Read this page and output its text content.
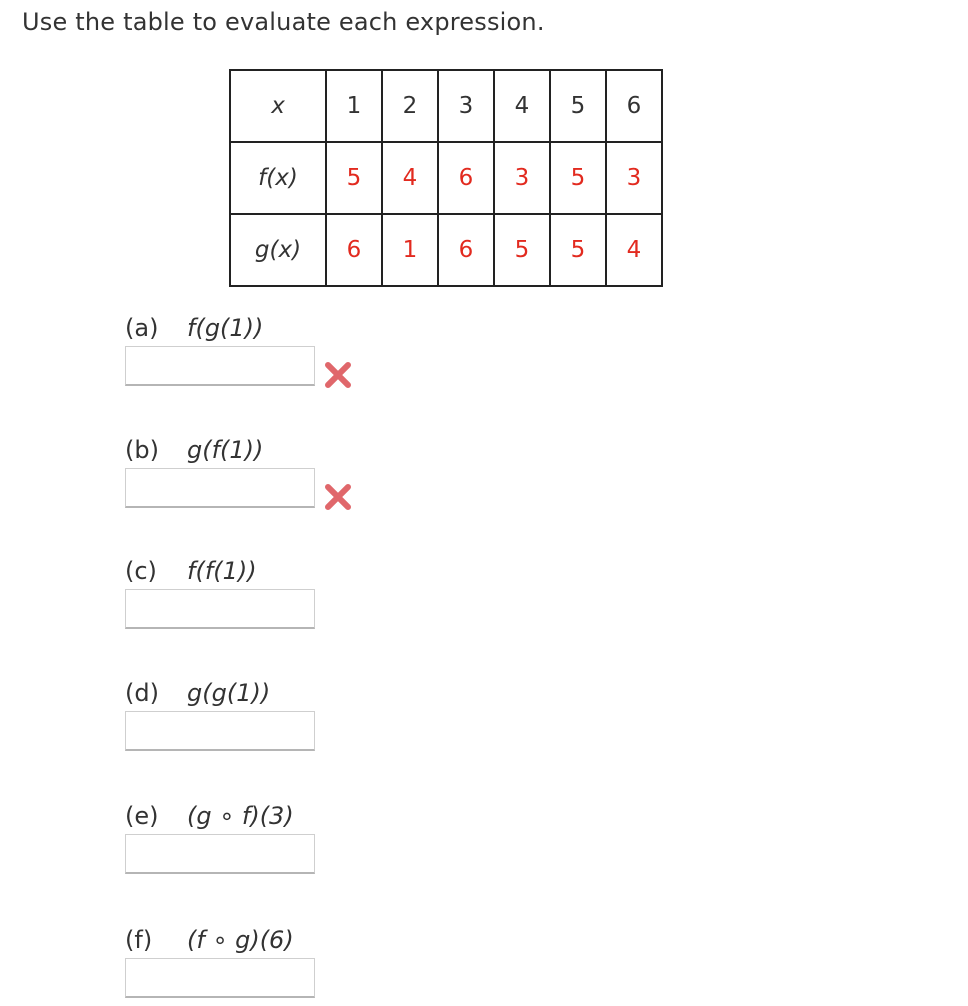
Use the table to evaluate each expression.
x	1	2	3	4	5	6
f(x)	5	4	6	3	5	3
g(x)	6	1	6	5	5	4
(a) f(g(1))
(b) g(f(1))
(c) f(f(1))
(d) g(g(1))
(e) (g ∘ f)(3)
(f) (f ∘ g)(6)
